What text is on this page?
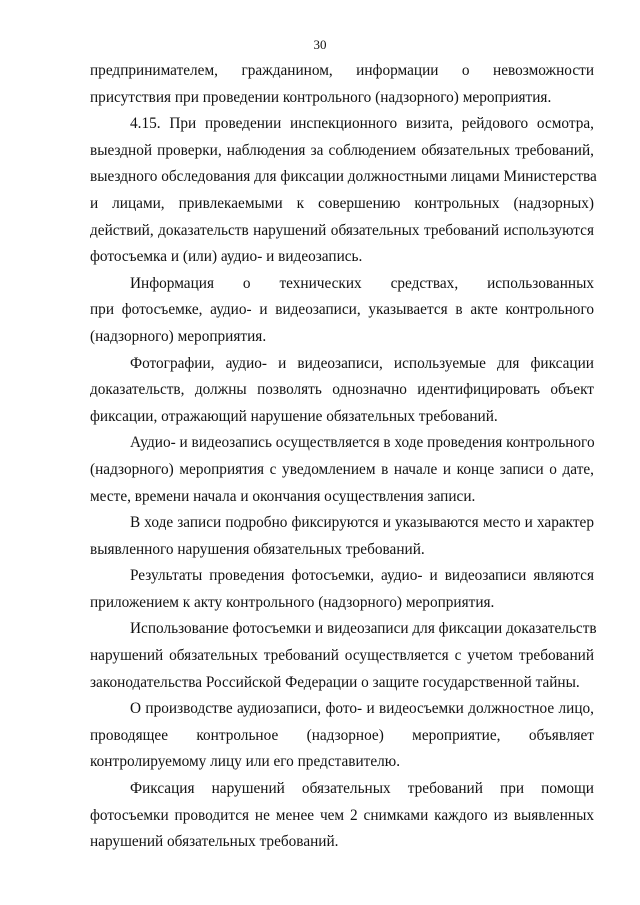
30
предпринимателем, гражданином, информации о невозможности
присутствия при проведении контрольного (надзорного) мероприятия.
4.15. При проведении инспекционного визита, рейдового осмотра,
выездной проверки, наблюдения за соблюдением обязательных требований,
выездного обследования для фиксации должностными лицами Министерства
и лицами, привлекаемыми к совершению контрольных (надзорных)
действий, доказательств нарушений обязательных требований используются
фотосъемка и (или) аудио- и видеозапись.
Информация о технических средствах, использованных
при фотосъемке, аудио- и видеозаписи, указывается в акте контрольного
(надзорного) мероприятия.
Фотографии, аудио- и видеозаписи, используемые для фиксации
доказательств, должны позволять однозначно идентифицировать объект
фиксации, отражающий нарушение обязательных требований.
Аудио- и видеозапись осуществляется в ходе проведения контрольного
(надзорного) мероприятия с уведомлением в начале и конце записи о дате,
месте, времени начала и окончания осуществления записи.
В ходе записи подробно фиксируются и указываются место и характер
выявленного нарушения обязательных требований.
Результаты проведения фотосъемки, аудио- и видеозаписи являются
приложением к акту контрольного (надзорного) мероприятия.
Использование фотосъемки и видеозаписи для фиксации доказательств
нарушений обязательных требований осуществляется с учетом требований
законодательства Российской Федерации о защите государственной тайны.
О производстве аудиозаписи, фото- и видеосъемки должностное лицо,
проводящее контрольное (надзорное) мероприятие, объявляет
контролируемому лицу или его представителю.
Фиксация нарушений обязательных требований при помощи
фотосъемки проводится не менее чем 2 снимками каждого из выявленных
нарушений обязательных требований.
